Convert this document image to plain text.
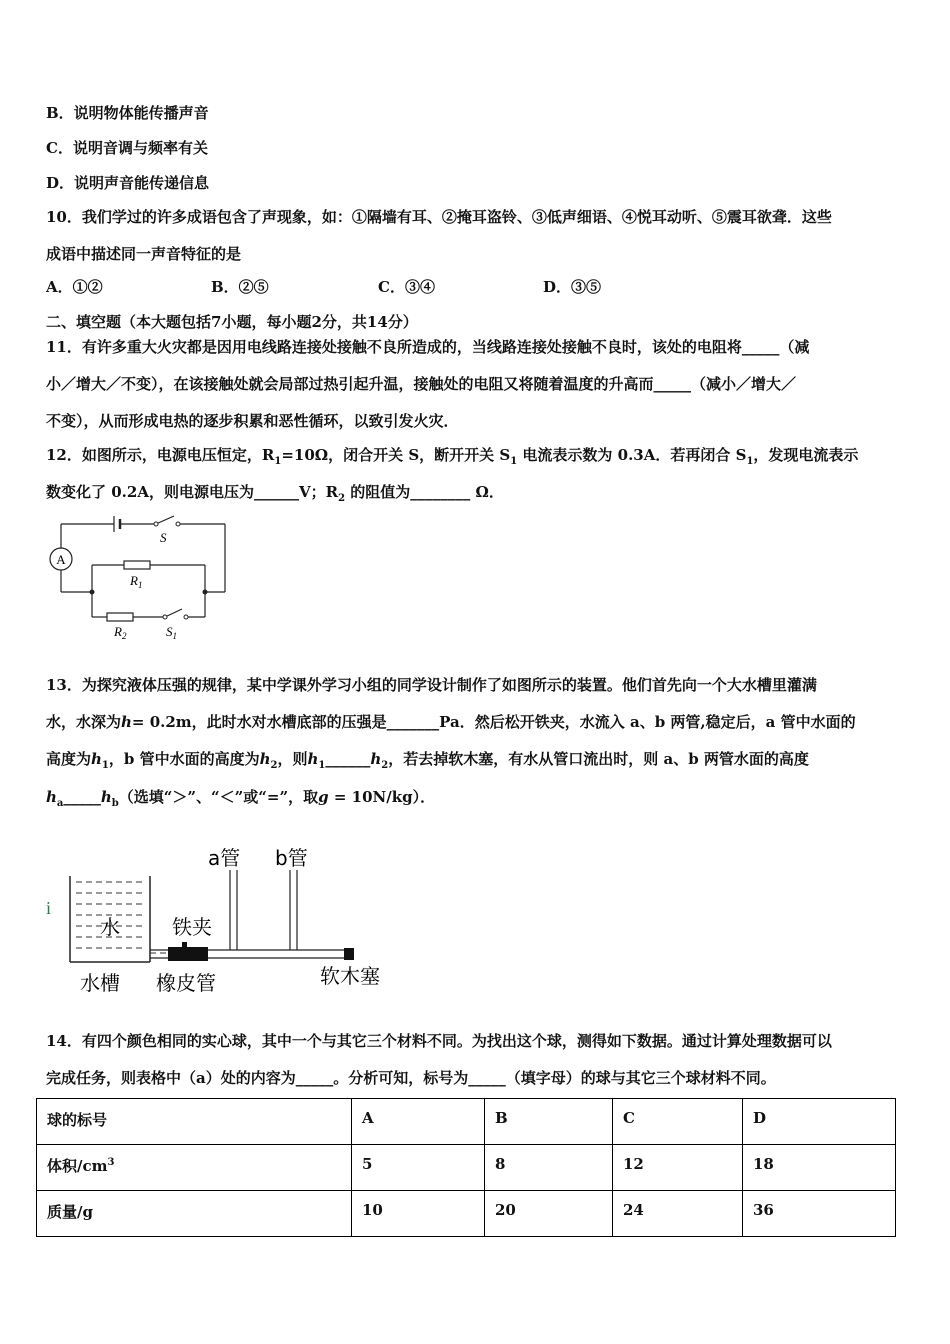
B．说明物体能传播声音
C．说明音调与频率有关
D．说明声音能传递信息
10．我们学过的许多成语包含了声现象，如：①隔墙有耳、②掩耳盗铃、③低声细语、④悦耳动听、⑤震耳欲聋．这些
成语中描述同一声音特征的是
A．①②	B．②⑤	C．③④	D．③⑤
二、填空题（本大题包括7小题，每小题2分，共14分）
11．有许多重大火灾都是因用电线路连接处接触不良所造成的，当线路连接处接触不良时，该处的电阻将_____（减
小／增大／不变），在该接触处就会局部过热引起升温，接触处的电阻又将随着温度的升高而_____（减小／增大／
不变），从而形成电热的逐步积累和恶性循环，以致引发火灾．
12．如图所示，电源电压恒定，$R_1=10\Omega$，闭合开关 S，断开开关 $S_1$ 电流表示数为 0.3A．若再闭合 $S_1$，发现电流表示
数变化了 0.2A，则电源电压为______V；$R_2$ 的阻值为________ Ω．
A
S
$R_1$
$R_2$	$S_1$
13．为探究液体压强的规律，某中学课外学习小组的同学设计制作了如图所示的装置。他们首先向一个大水槽里灌满
水，水深为h= 0.2m，此时水对水槽底部的压强是_______Pa．然后松开铁夹，水流入 a、b 两管,稳定后，a 管中水面的
高度为$h_1$，b 管中水面的高度为$h_2$，则$h_1\_\_\_\_\_\_h_2$，若去掉软木塞，有水从管口流出时，则 a、b 两管水面的高度
$h_a\_\_\_\_\_h_b$（选填“＞”、“＜”或“=”，取g = 10N/kg）．
i
a管 b管
水	铁夹
水槽 橡皮管	软木塞
14．有四个颜色相同的实心球，其中一个与其它三个材料不同。为找出这个球，测得如下数据。通过计算处理数据可以
完成任务，则表格中（a）处的内容为_____。分析可知，标号为_____（填字母）的球与其它三个球材料不同。
球的标号	A	B	C	D
体积$/cm^3$	5	8	12	18
质量/g	10	20	24	36
